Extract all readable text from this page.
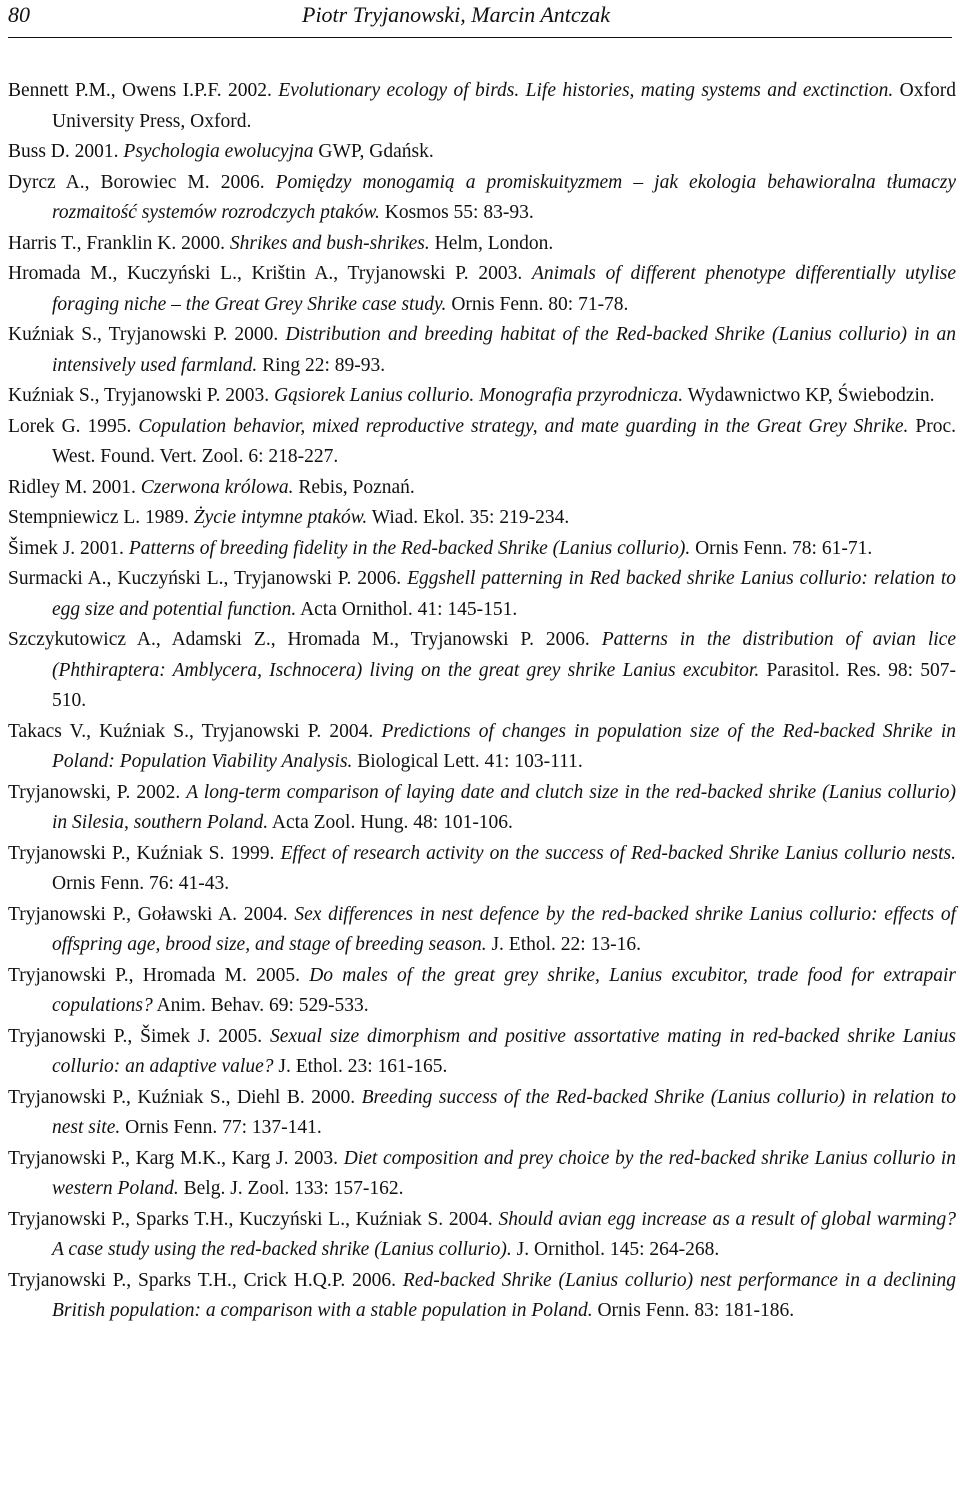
80	Piotr Tryjanowski, Marcin Antczak
Bennett P.M., Owens I.P.F. 2002. Evolutionary ecology of birds. Life histories, mating systems and exctinction. Oxford University Press, Oxford.
Buss D. 2001. Psychologia ewolucyjna GWP, Gdańsk.
Dyrcz A., Borowiec M. 2006. Pomiędzy monogamią a promiskuityzmem – jak ekologia behawioralna tłumaczy rozmaitość systemów rozrodczych ptaków. Kosmos 55: 83-93.
Harris T., Franklin K. 2000. Shrikes and bush-shrikes. Helm, London.
Hromada M., Kuczyński L., Krištin A., Tryjanowski P. 2003. Animals of different phenotype differentially utylise foraging niche – the Great Grey Shrike case study. Ornis Fenn. 80: 71-78.
Kuźniak S., Tryjanowski P. 2000. Distribution and breeding habitat of the Red-backed Shrike (Lanius collurio) in an intensively used farmland. Ring 22: 89-93.
Kuźniak S., Tryjanowski P. 2003. Gąsiorek Lanius collurio. Monografia przyrodnicza. Wydawnictwo KP, Świebodzin.
Lorek G. 1995. Copulation behavior, mixed reproductive strategy, and mate guarding in the Great Grey Shrike. Proc. West. Found. Vert. Zool. 6: 218-227.
Ridley M. 2001. Czerwona królowa. Rebis, Poznań.
Stempniewicz L. 1989. Życie intymne ptaków. Wiad. Ekol. 35: 219-234.
Šimek J. 2001. Patterns of breeding fidelity in the Red-backed Shrike (Lanius collurio). Ornis Fenn. 78: 61-71.
Surmacki A., Kuczyński L., Tryjanowski P. 2006. Eggshell patterning in Red backed shrike Lanius collurio: relation to egg size and potential function. Acta Ornithol. 41: 145-151.
Szczykutowicz A., Adamski Z., Hromada M., Tryjanowski P. 2006. Patterns in the distribution of avian lice (Phthiraptera: Amblycera, Ischnocera) living on the great grey shrike Lanius excubitor. Parasitol. Res. 98: 507-510.
Takacs V., Kuźniak S., Tryjanowski P. 2004. Predictions of changes in population size of the Red-backed Shrike in Poland: Population Viability Analysis. Biological Lett. 41: 103-111.
Tryjanowski, P. 2002. A long-term comparison of laying date and clutch size in the red-backed shrike (Lanius collurio) in Silesia, southern Poland. Acta Zool. Hung. 48: 101-106.
Tryjanowski P., Kuźniak S. 1999. Effect of research activity on the success of Red-backed Shrike Lanius collurio nests. Ornis Fenn. 76: 41-43.
Tryjanowski P., Goławski A. 2004. Sex differences in nest defence by the red-backed shrike Lanius collurio: effects of offspring age, brood size, and stage of breeding season. J. Ethol. 22: 13-16.
Tryjanowski P., Hromada M. 2005. Do males of the great grey shrike, Lanius excubitor, trade food for extrapair copulations? Anim. Behav. 69: 529-533.
Tryjanowski P., Šimek J. 2005. Sexual size dimorphism and positive assortative mating in red-backed shrike Lanius collurio: an adaptive value? J. Ethol. 23: 161-165.
Tryjanowski P., Kuźniak S., Diehl B. 2000. Breeding success of the Red-backed Shrike (Lanius collurio) in relation to nest site. Ornis Fenn. 77: 137-141.
Tryjanowski P., Karg M.K., Karg J. 2003. Diet composition and prey choice by the red-backed shrike Lanius collurio in western Poland. Belg. J. Zool. 133: 157-162.
Tryjanowski P., Sparks T.H., Kuczyński L., Kuźniak S. 2004. Should avian egg increase as a result of global warming? A case study using the red-backed shrike (Lanius collurio). J. Ornithol. 145: 264-268.
Tryjanowski P., Sparks T.H., Crick H.Q.P. 2006. Red-backed Shrike (Lanius collurio) nest performance in a declining British population: a comparison with a stable population in Poland. Ornis Fenn. 83: 181-186.
